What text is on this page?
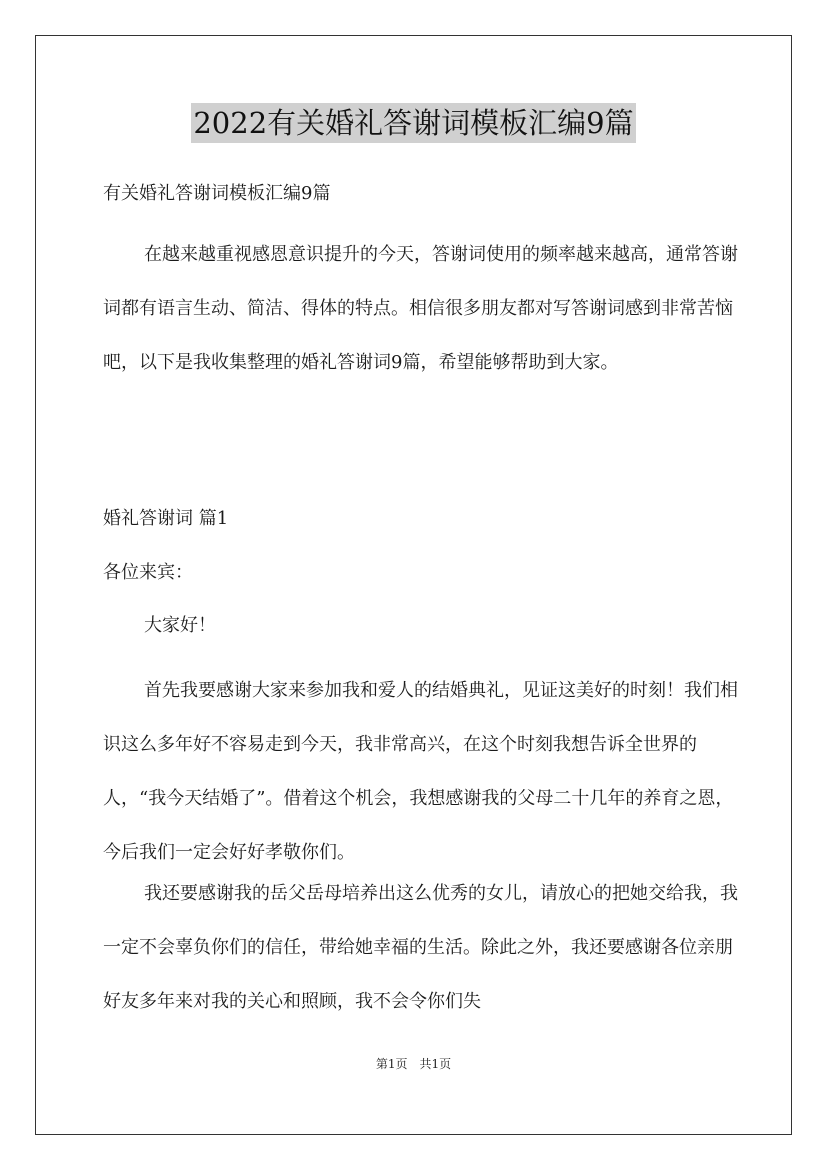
2022有关婚礼答谢词模板汇编9篇

有关婚礼答谢词模板汇编9篇

在越来越重视感恩意识提升的今天，答谢词使用的频率越来越高，通常答谢词都有语言生动、简洁、得体的特点。相信很多朋友都对写答谢词感到非常苦恼吧，以下是我收集整理的婚礼答谢词9篇，希望能够帮助到大家。

婚礼答谢词 篇1

各位来宾：

大家好！

首先我要感谢大家来参加我和爱人的结婚典礼，见证这美好的时刻！我们相识这么多年好不容易走到今天，我非常高兴，在这个时刻我想告诉全世界的人，“我今天结婚了”。借着这个机会，我想感谢我的父母二十几年的养育之恩，今后我们一定会好好孝敬你们。

我还要感谢我的岳父岳母培养出这么优秀的女儿，请放心的把她交给我，我一定不会辜负你们的信任，带给她幸福的生活。除此之外，我还要感谢各位亲朋好友多年来对我的关心和照顾，我不会令你们失

第1页　共1页
